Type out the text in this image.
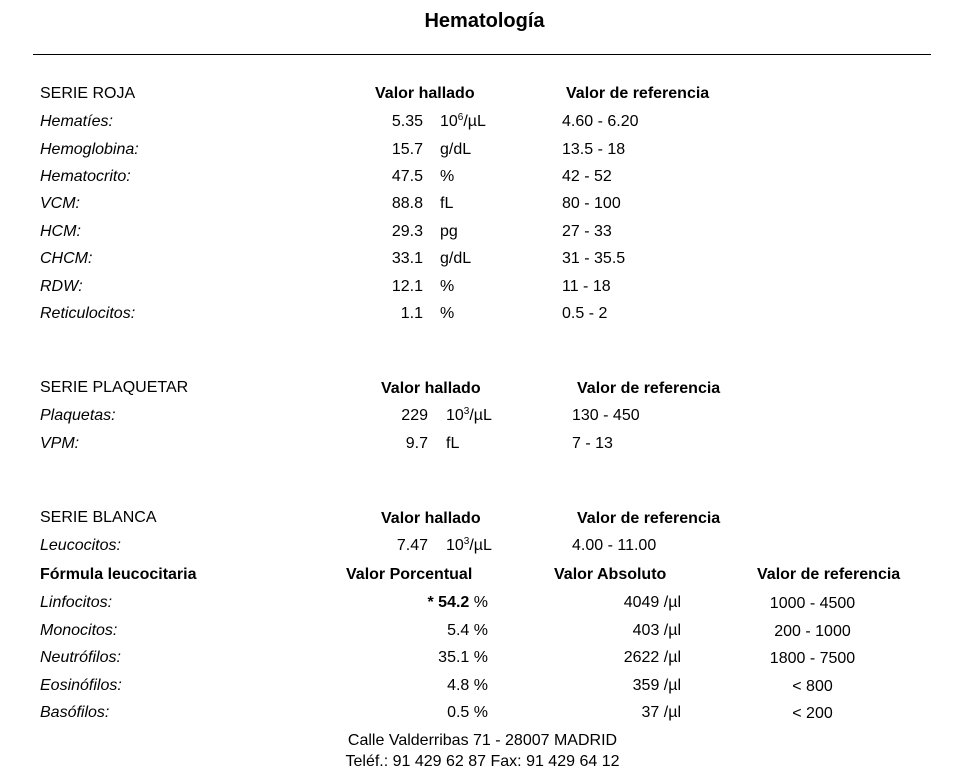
Hematología
SERIE ROJA	Valor hallado	Valor de referencia
Hematíes:	5.35 $10^6/\mu L$	4.60 - 6.20
Hemoglobina:	15.7 g/dL	13.5 - 18
Hematocrito:	47.5 %	42 - 52
VCM:	88.8 fL	80 - 100
HCM:	29.3 pg	27 - 33
CHCM:	33.1 g/dL	31 - 35.5
RDW:	12.1 %	11 - 18
Reticulocitos:	1.1 %	0.5 - 2
SERIE PLAQUETAR	Valor hallado	Valor de referencia
Plaquetas:	229 $10^3/\mu L$	130 - 450
VPM:	9.7 fL	7 - 13
SERIE BLANCA	Valor hallado	Valor de referencia
Leucocitos:	7.47 $10^3/\mu L$	4.00 - 11.00
Fórmula leucocitaria	Valor Porcentual	Valor Absoluto	Valor de referencia
Linfocitos:	* 54.2 %	4049 /µl	1000 - 4500
Monocitos:	5.4 %	403 /µl	200 - 1000
Neutrófilos:	35.1 %	2622 /µl	1800 - 7500
Eosinófilos:	4.8 %	359 /µl	< 800
Basófilos:	0.5 %	37 /µl	< 200
Calle Valderribas 71 - 28007 MADRID
Teléf.: 91 429 62 87 Fax: 91 429 64 12
